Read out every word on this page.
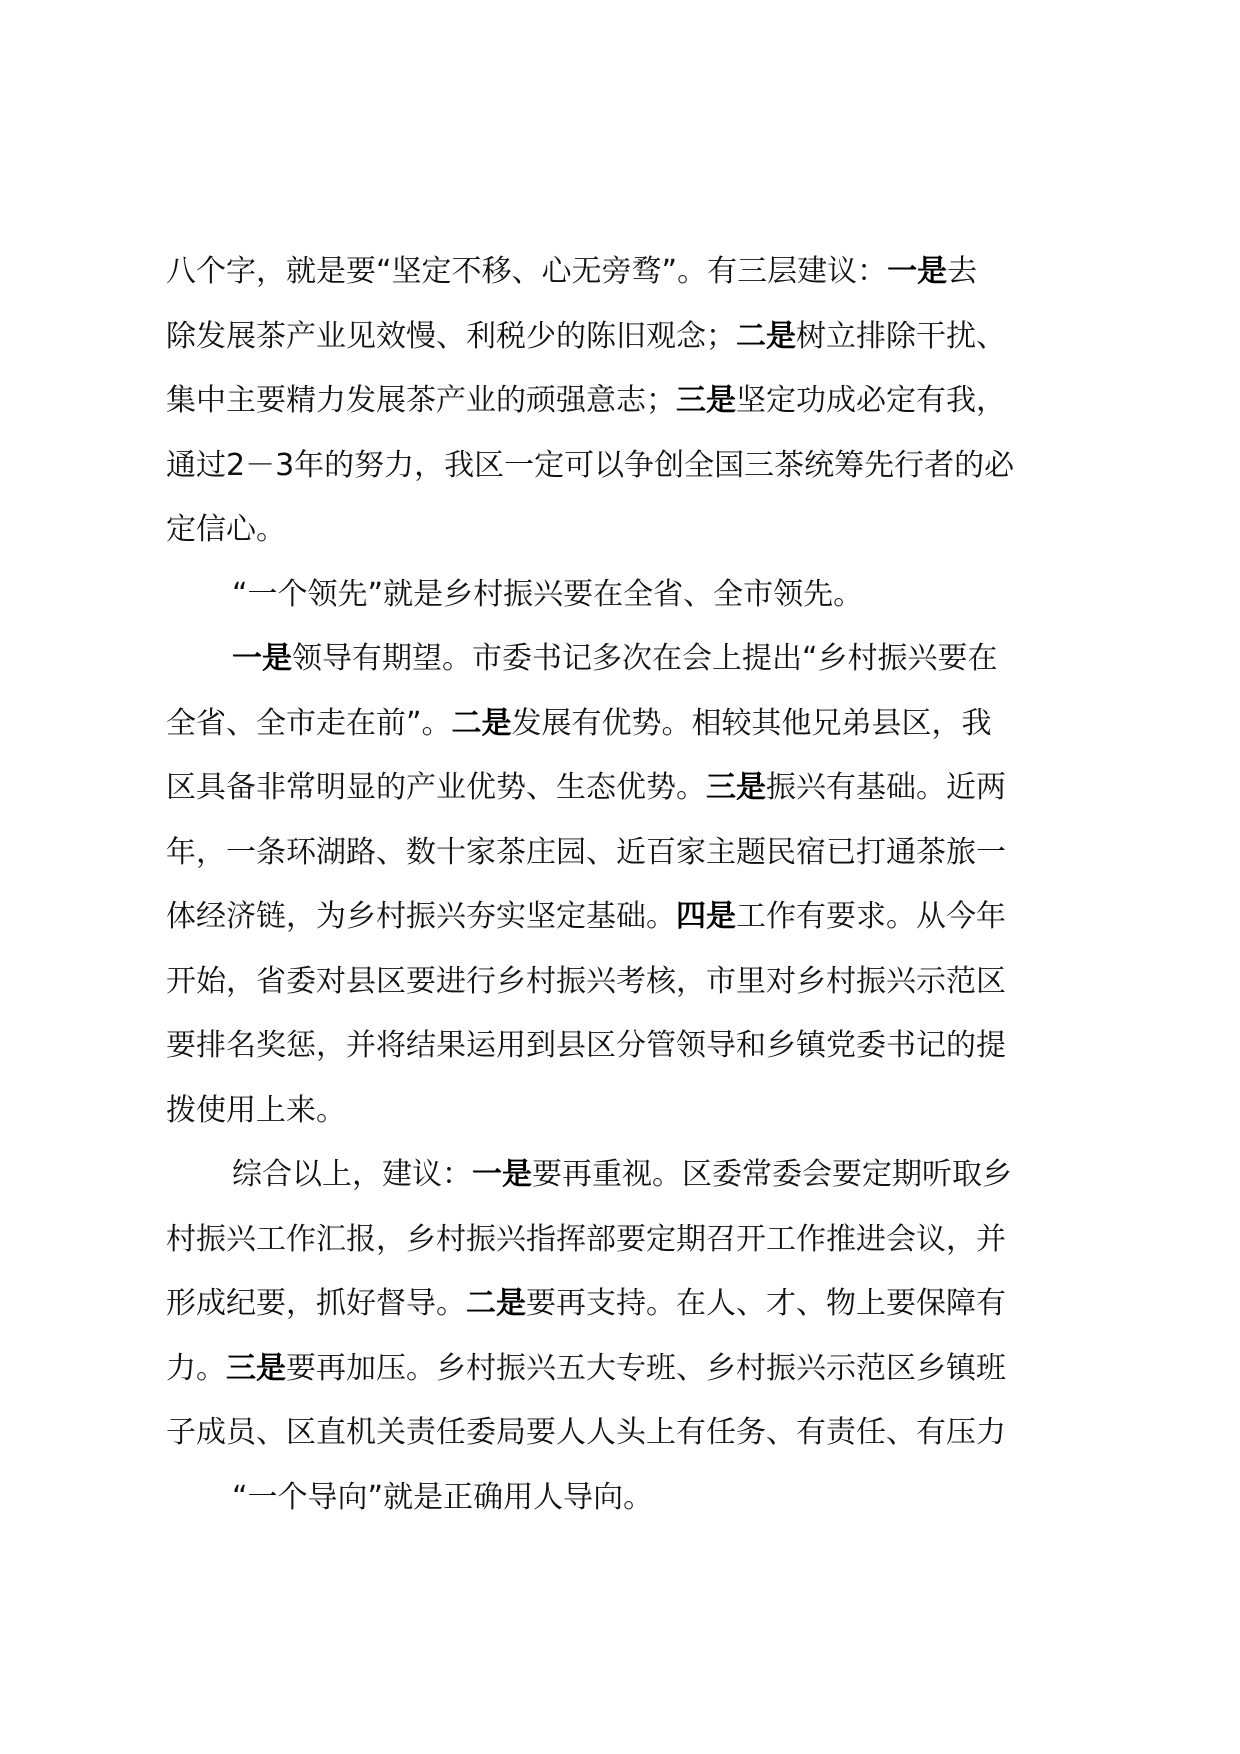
八个字，就是要“坚定不移、心无旁骛”。有三层建议：一是去

除发展茶产业见效慢、利税少的陈旧观念；二是树立排除干扰、

集中主要精力发展茶产业的顽强意志；三是坚定功成必定有我，

通过2－3年的努力，我区一定可以争创全国三茶统筹先行者的必

定信心。

“一个领先”就是乡村振兴要在全省、全市领先。

一是领导有期望。市委书记多次在会上提出“乡村振兴要在

全省、全市走在前”。二是发展有优势。相较其他兄弟县区，我

区具备非常明显的产业优势、生态优势。三是振兴有基础。近两

年，一条环湖路、数十家茶庄园、近百家主题民宿已打通茶旅一

体经济链，为乡村振兴夯实坚定基础。四是工作有要求。从今年

开始，省委对县区要进行乡村振兴考核，市里对乡村振兴示范区

要排名奖惩，并将结果运用到县区分管领导和乡镇党委书记的提

拨使用上来。

综合以上，建议：一是要再重视。区委常委会要定期听取乡

村振兴工作汇报，乡村振兴指挥部要定期召开工作推进会议，并

形成纪要，抓好督导。二是要再支持。在人、才、物上要保障有

力。三是要再加压。乡村振兴五大专班、乡村振兴示范区乡镇班

子成员、区直机关责任委局要人人头上有任务、有责任、有压力

“一个导向”就是正确用人导向。
